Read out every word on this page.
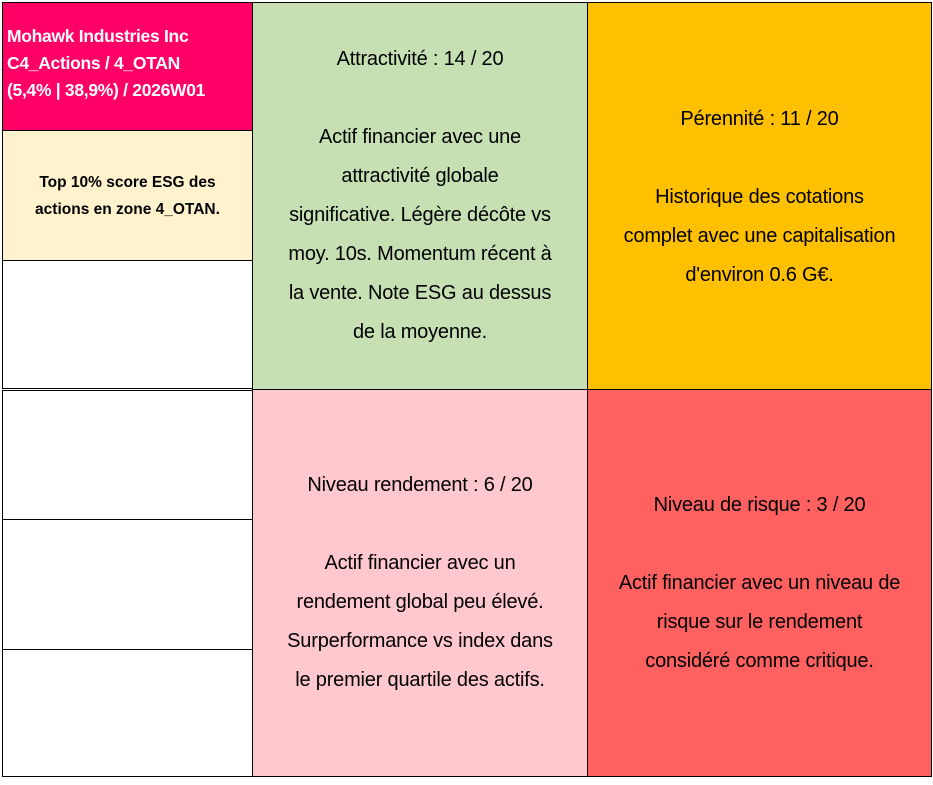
Mohawk Industries Inc
C4_Actions / 4_OTAN
(5,4% | 38,9%) / 2026W01
Top 10% score ESG des
actions en zone 4_OTAN.
Attractivité : 14 / 20
Actif financier avec une
attractivité globale
significative. Légère décôte vs
moy. 10s. Momentum récent à
la vente. Note ESG au dessus
de la moyenne.
Pérennité : 11 / 20
Historique des cotations
complet avec une capitalisation
d'environ 0.6 G€.
Niveau rendement : 6 / 20
Actif financier avec un
rendement global peu élevé.
Surperformance vs index dans
le premier quartile des actifs.
Niveau de risque : 3 / 20
Actif financier avec un niveau de
risque sur le rendement
considéré comme critique.
